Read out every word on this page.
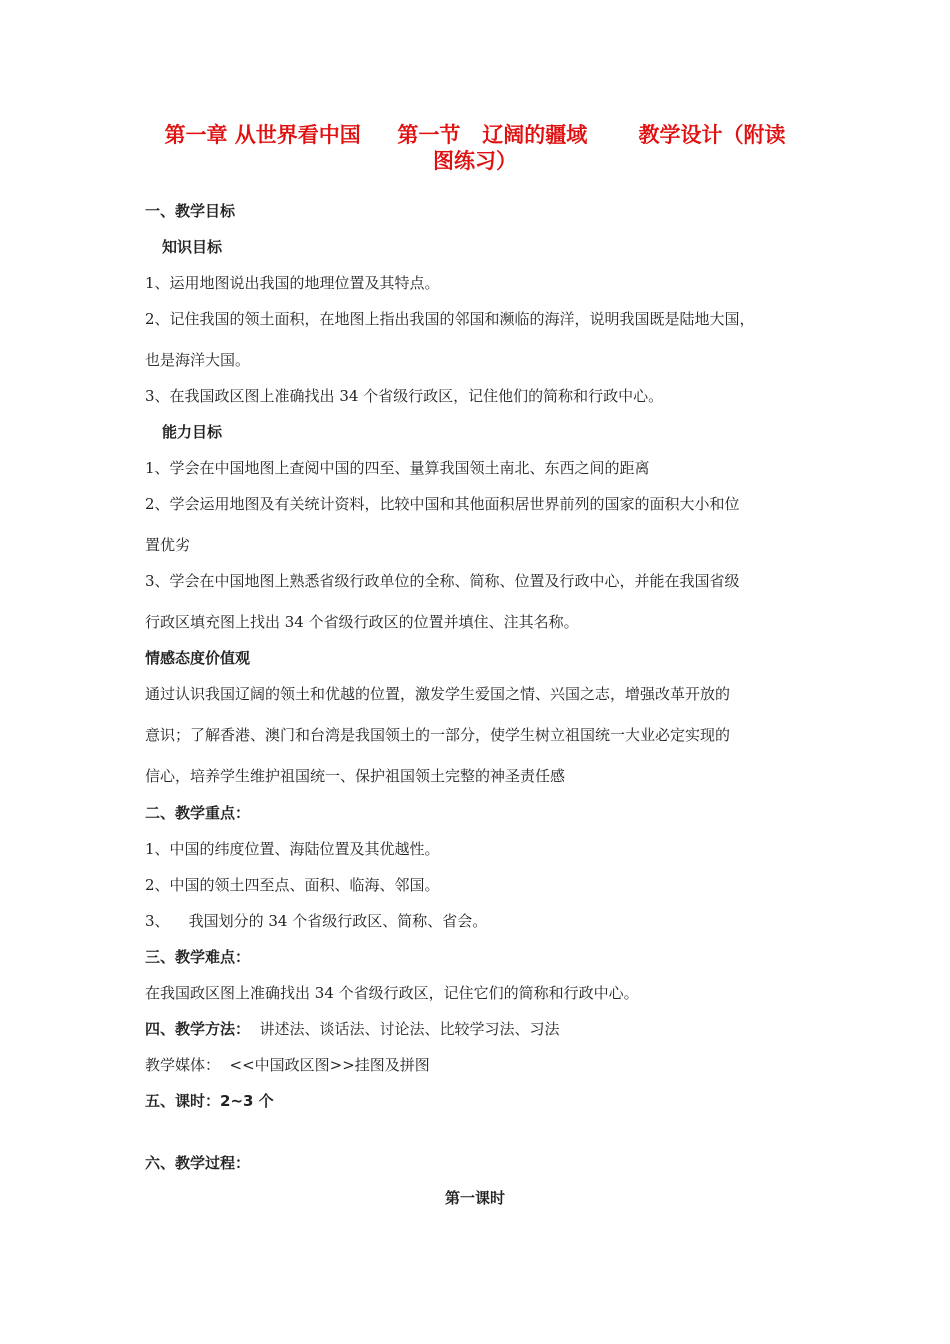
第一章 从世界看中国     第一节   辽阔的疆域       教学设计（附读
图练习）
一、教学目标
知识目标
1、运用地图说出我国的地理位置及其特点。
2、记住我国的领土面积，在地图上指出我国的邻国和濒临的海洋，说明我国既是陆地大国，
也是海洋大国。
3、在我国政区图上准确找出 34 个省级行政区，记住他们的简称和行政中心。
能力目标
1、学会在中国地图上查阅中国的四至、量算我国领土南北、东西之间的距离
2、学会运用地图及有关统计资料，比较中国和其他面积居世界前列的国家的面积大小和位
置优劣
3、学会在中国地图上熟悉省级行政单位的全称、简称、位置及行政中心，并能在我国省级
行政区填充图上找出 34 个省级行政区的位置并填住、注其名称。
情感态度价值观
通过认识我国辽阔的领土和优越的位置，激发学生爱国之情、兴国之志，增强改革开放的
意识；了解香港、澳门和台湾是我国领土的一部分，使学生树立祖国统一大业必定实现的
信心，培养学生维护祖国统一、保护祖国领土完整的神圣责任感
二、教学重点：
1、中国的纬度位置、海陆位置及其优越性。
2、中国的领土四至点、面积、临海、邻国。
3、    我国划分的 34 个省级行政区、简称、省会。
三、教学难点：
在我国政区图上准确找出 34 个省级行政区，记住它们的简称和行政中心。
四、教学方法：  讲述法、谈话法、讨论法、比较学习法、习法
教学媒体：  <<中国政区图>>挂图及拼图
五、课时：2~3 个
六、教学过程：
第一课时
